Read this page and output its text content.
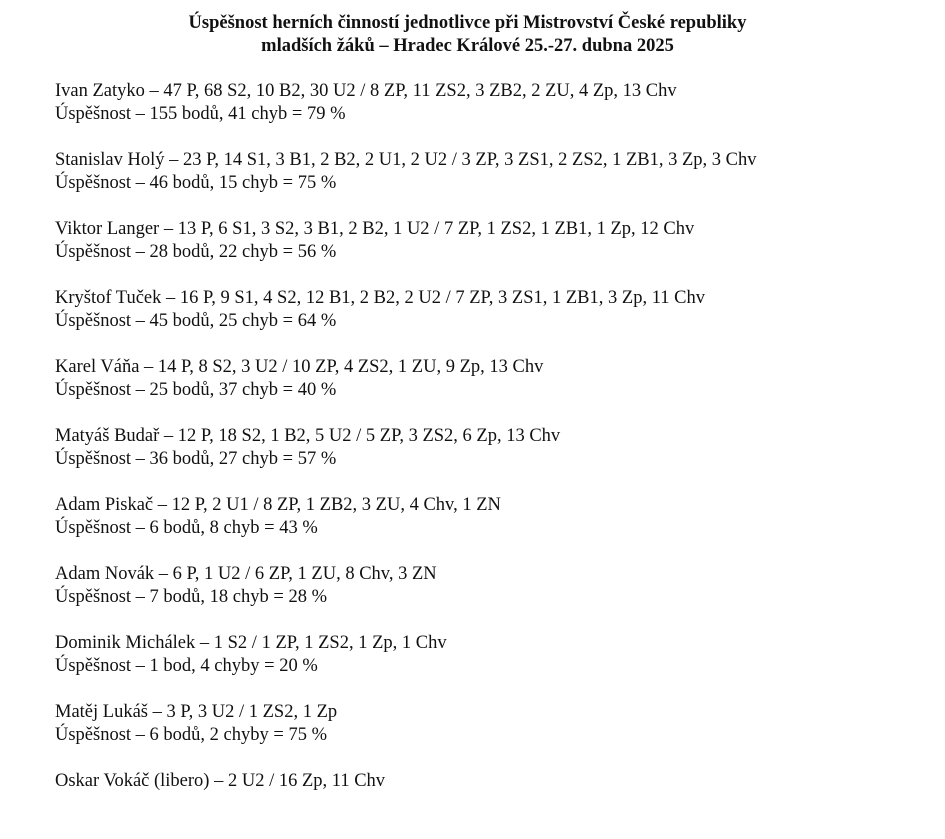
Úspěšnost herních činností jednotlivce při Mistrovství České republiky
mladších žáků – Hradec Králové 25.-27. dubna 2025
Ivan Zatyko – 47 P, 68 S2, 10 B2, 30 U2 / 8 ZP, 11 ZS2, 3 ZB2, 2 ZU, 4 Zp, 13 Chv
Úspěšnost – 155 bodů, 41 chyb = 79 %
Stanislav Holý – 23 P, 14 S1, 3 B1, 2 B2, 2 U1, 2 U2 / 3 ZP, 3 ZS1, 2 ZS2, 1 ZB1, 3 Zp, 3 Chv
Úspěšnost – 46 bodů, 15 chyb = 75 %
Viktor Langer – 13 P, 6 S1, 3 S2, 3 B1, 2 B2, 1 U2 / 7 ZP, 1 ZS2, 1 ZB1, 1 Zp, 12 Chv
Úspěšnost – 28 bodů, 22 chyb = 56 %
Kryštof Tuček – 16 P, 9 S1, 4 S2, 12 B1, 2 B2, 2 U2 / 7 ZP, 3 ZS1, 1 ZB1, 3 Zp, 11 Chv
Úspěšnost – 45 bodů, 25 chyb = 64 %
Karel Váňa – 14 P, 8 S2, 3 U2 / 10 ZP, 4 ZS2, 1 ZU, 9 Zp, 13 Chv
Úspěšnost – 25 bodů, 37 chyb = 40 %
Matyáš Budař – 12 P, 18 S2, 1 B2, 5 U2 / 5 ZP, 3 ZS2, 6 Zp, 13 Chv
Úspěšnost – 36 bodů, 27 chyb = 57 %
Adam Piskač – 12 P, 2 U1 / 8 ZP, 1 ZB2, 3 ZU, 4 Chv, 1 ZN
Úspěšnost – 6 bodů, 8 chyb = 43 %
Adam Novák – 6 P, 1 U2 / 6 ZP, 1 ZU, 8 Chv, 3 ZN
Úspěšnost – 7 bodů, 18 chyb = 28 %
Dominik Michálek – 1 S2 / 1 ZP, 1 ZS2, 1 Zp, 1 Chv
Úspěšnost – 1 bod, 4 chyby = 20 %
Matěj Lukáš – 3 P, 3 U2 / 1 ZS2, 1 Zp
Úspěšnost – 6 bodů, 2 chyby = 75 %
Oskar Vokáč (libero) – 2 U2 / 16 Zp, 11 Chv
